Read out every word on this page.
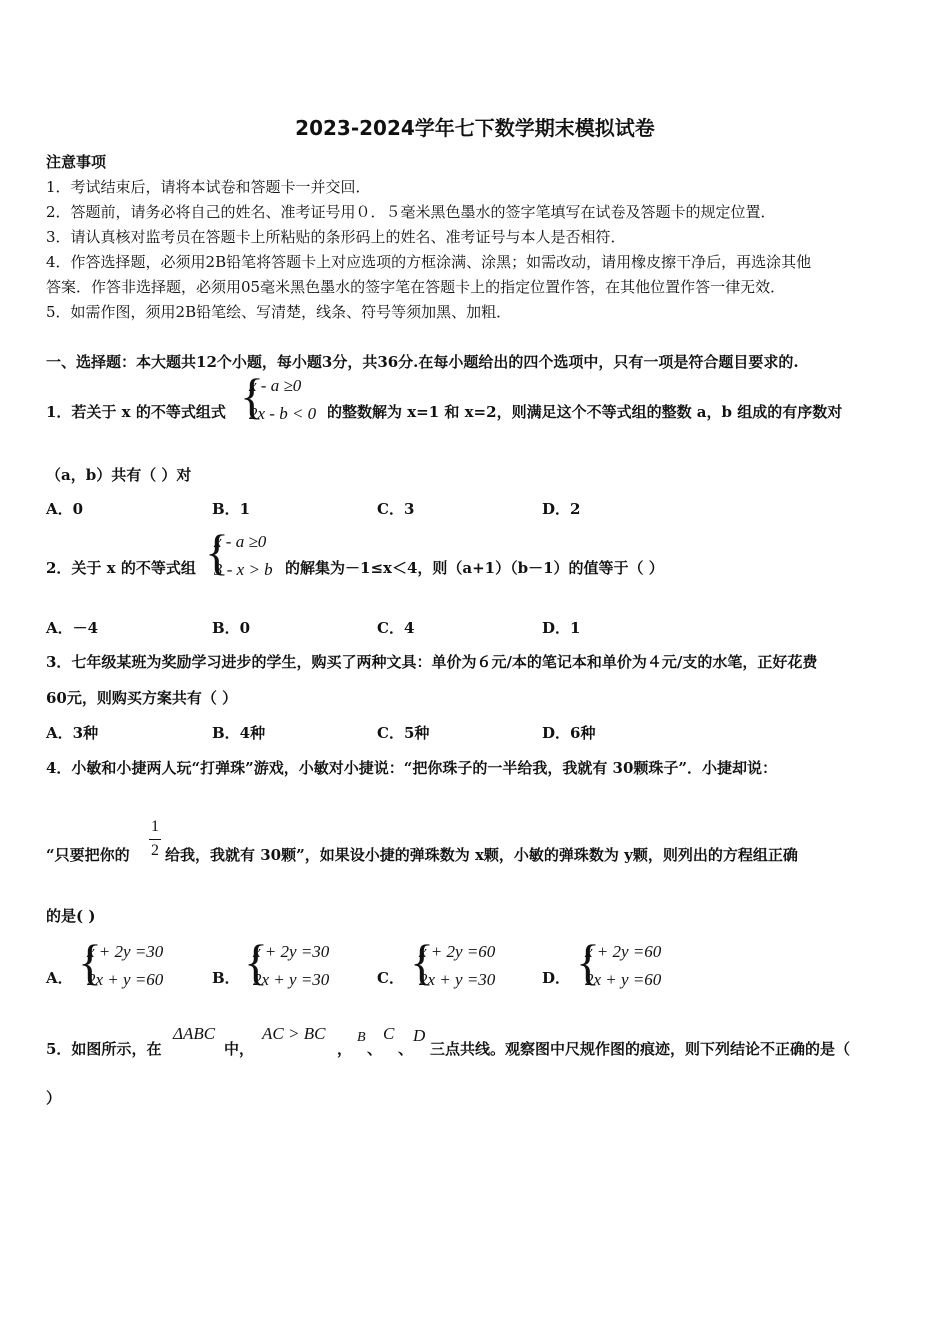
2023-2024学年七下数学期末模拟试卷
注意事项
1．考试结束后，请将本试卷和答题卡一并交回．
2．答题前，请务必将自己的姓名、准考证号用０．５毫米黑色墨水的签字笔填写在试卷及答题卡的规定位置．
3．请认真核对监考员在答题卡上所粘贴的条形码上的姓名、准考证号与本人是否相符．
4．作答选择题，必须用2B铅笔将答题卡上对应选项的方框涂满、涂黑；如需改动，请用橡皮擦干净后，再选涂其他
答案．作答非选择题，必须用05毫米黑色墨水的签字笔在答题卡上的指定位置作答，在其他位置作答一律无效．
5．如需作图，须用2B铅笔绘、写清楚，线条、符号等须加黑、加粗．
一、选择题：本大题共12个小题，每小题3分，共36分.在每小题给出的四个选项中，只有一项是符合题目要求的.
1．若关于 x 的不等式组式 {
x - a ≥0
2x - b < 0 的整数解为 x=1 和 x=2，则满足这个不等式组的整数 a，b 组成的有序数对
（a，b）共有（ ）对
A．0	B．1	C．3	D．2
2．关于 x 的不等式组 {
x - a ≥0
3 - x > b 的解集为－1≤x＜4，则（a+1）（b－1）的值等于（ ）
A．－4	B．0	C．4	D．1
3．七年级某班为奖励学习进步的学生，购买了两种文具：单价为６元/本的笔记本和单价为４元/支的水笔，正好花费
60元，则购买方案共有（ ）
A．3种	B．4种	C．5种	D．6种
4．小敏和小捷两人玩“打弹珠”游戏，小敏对小捷说：“把你珠子的一半给我，我就有 30颗珠子”．小捷却说：
“只要把你的
1
2 给我，我就有 30颗”，如果设小捷的弹珠数为 x颗，小敏的弹珠数为 y颗，则列出的方程组正确
的是( )
A． {
x + 2y =30
2x + y =60	B． {
x + 2y =30
2x + y =30	C． {
x + 2y =60
2x + y =30	D． {
x + 2y =60
2x + y =60
5．如图所示，在
ΔABC
中，
AC > BC
，
B
、
C
、
D
三点共线。观察图中尺规作图的痕迹，则下列结论不正确的是（
）
